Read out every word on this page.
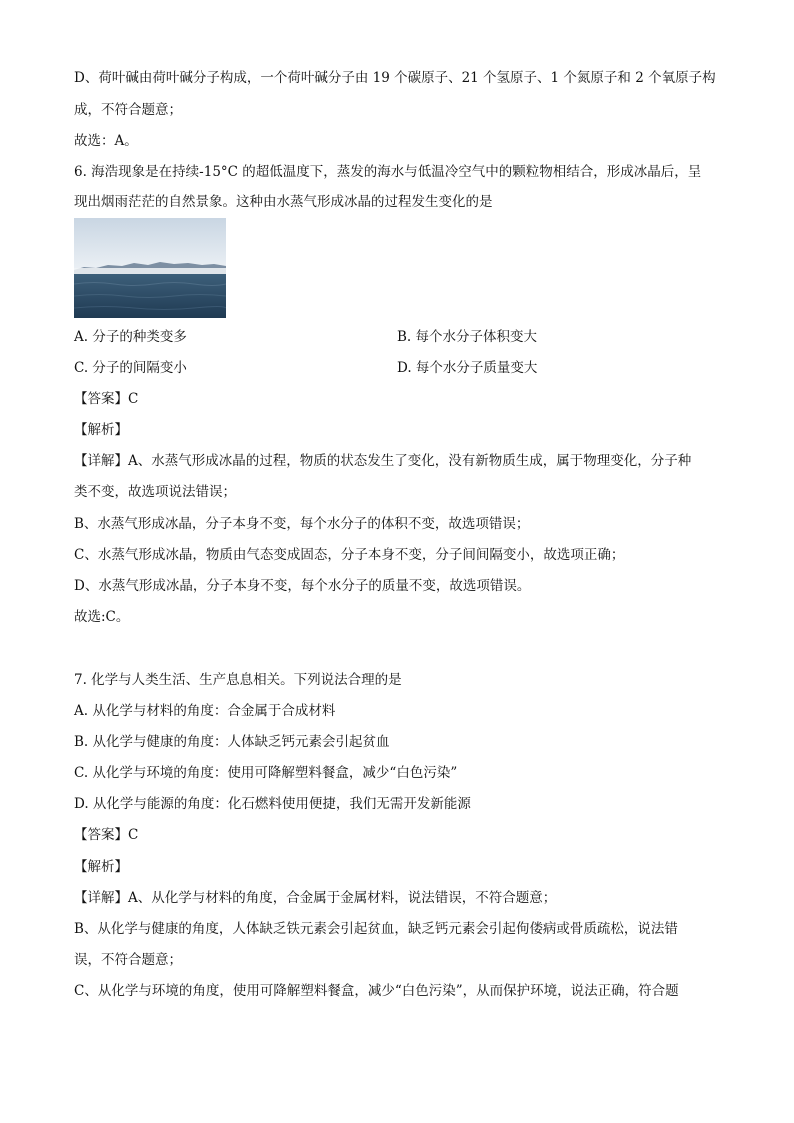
D、荷叶碱由荷叶碱分子构成，一个荷叶碱分子由 19 个碳原子、21 个氢原子、1 个氮原子和 2 个氧原子构
成，不符合题意；
故选：A。
6. 海浩现象是在持续-15°C 的超低温度下，蒸发的海水与低温冷空气中的颗粒物相结合，形成冰晶后，呈
现出烟雨茫茫的自然景象。这种由水蒸气形成冰晶的过程发生变化的是
A. 分子的种类变多	B. 每个水分子体积变大
C. 分子的间隔变小	D. 每个水分子质量变大
【答案】C
【解析】
【详解】A、水蒸气形成冰晶的过程，物质的状态发生了变化，没有新物质生成，属于物理变化，分子种
类不变，故选项说法错误；
B、水蒸气形成冰晶，分子本身不变，每个水分子的体积不变，故选项错误；
C、水蒸气形成冰晶，物质由气态变成固态，分子本身不变，分子间间隔变小，故选项正确；
D、水蒸气形成冰晶，分子本身不变，每个水分子的质量不变，故选项错误。
故选:C。
7. 化学与人类生活、生产息息相关。下列说法合理的是
A. 从化学与材料的角度：合金属于合成材料
B. 从化学与健康的角度：人体缺乏钙元素会引起贫血
C. 从化学与环境的角度：使用可降解塑料餐盒，减少“白色污染”
D. 从化学与能源的角度：化石燃料使用便捷，我们无需开发新能源
【答案】C
【解析】
【详解】A、从化学与材料的角度，合金属于金属材料，说法错误，不符合题意；
B、从化学与健康的角度，人体缺乏铁元素会引起贫血，缺乏钙元素会引起佝偻病或骨质疏松，说法错
误，不符合题意；
C、从化学与环境的角度，使用可降解塑料餐盒，减少“白色污染”，从而保护环境，说法正确，符合题
